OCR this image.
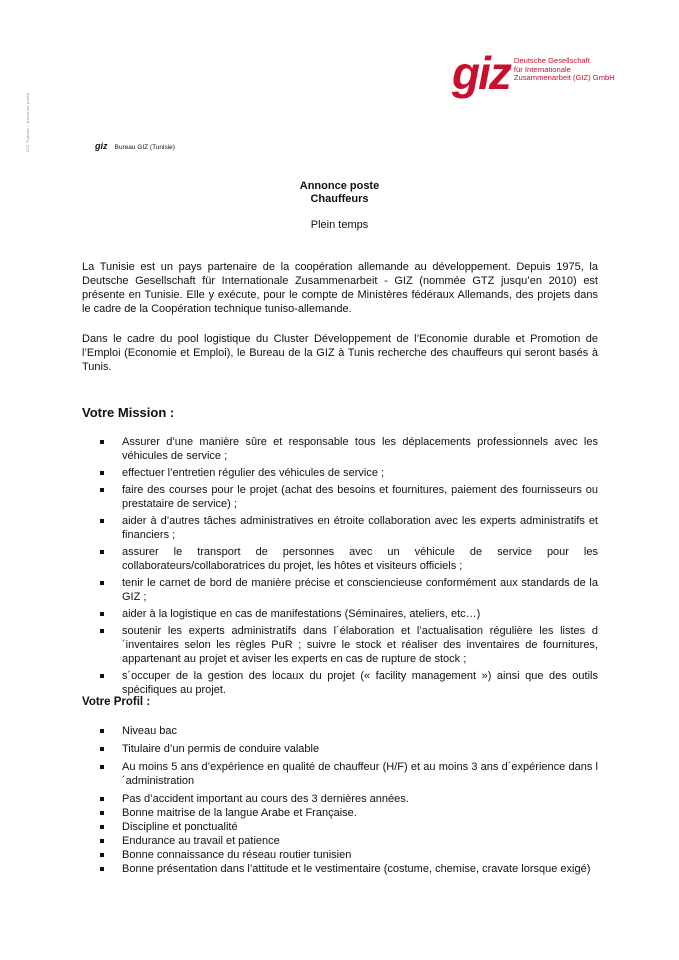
GIZ Tunisie – Annonce poste
giz Deutsche Gesellschaft
für Internationale
Zusammenarbeit (GIZ) GmbH
giz Bureau GIZ (Tunisie)
Annonce poste
Chauffeurs
Plein temps

La Tunisie est un pays partenaire de la coopération allemande au développement. Depuis 1975, la Deutsche Gesellschaft für Internationale Zusammenarbeit - GIZ (nommée GTZ jusqu’en 2010) est présente en Tunisie. Elle y exécute, pour le compte de Ministères fédéraux Allemands, des projets dans le cadre de la Coopération technique tuniso-allemande.

Dans le cadre du pool logistique du Cluster Développement de l’Economie durable et Promotion de l’Emploi (Economie et Emploi), le Bureau de la GIZ à Tunis recherche des chauffeurs qui seront basés à Tunis.

Votre Mission :
Assurer d’une manière sûre et responsable tous les déplacements professionnels avec les véhicules de service ;
effectuer l’entretien régulier des véhicules de service ;
faire des courses pour le projet (achat des besoins et fournitures, paiement des fournisseurs ou prestataire de service) ;
aider à d’autres tâches administratives en étroite collaboration avec les experts administratifs et financiers ;
assurer le transport de personnes avec un véhicule de service pour les collaborateurs/collaboratrices du projet, les hôtes et visiteurs officiels ;
tenir le carnet de bord de manière précise et consciencieuse conformément aux standards de la GIZ ;
aider à la logistique en cas de manifestations (Séminaires, ateliers, etc…)
soutenir les experts administratifs dans l´élaboration et l’actualisation régulière les listes d´inventaires selon les règles PuR ; suivre le stock et réaliser des inventaires de fournitures, appartenant au projet et aviser les experts en cas de rupture de stock ;
s´occuper de la gestion des locaux du projet (« facility management ») ainsi que des outils spécifiques au projet.
Votre Profil :
Niveau bac
Titulaire d’un permis de conduire valable
Au moins 5 ans d’expérience en qualité de chauffeur (H/F) et au moins 3 ans d´expérience dans l´administration
Pas d’accident important au cours des 3 dernières années.
Bonne maitrise de la langue Arabe et Française.
Discipline et ponctualité
Endurance au travail et patience
Bonne connaissance du réseau routier tunisien
Bonne présentation dans l’attitude et le vestimentaire (costume, chemise, cravate lorsque exigé)
